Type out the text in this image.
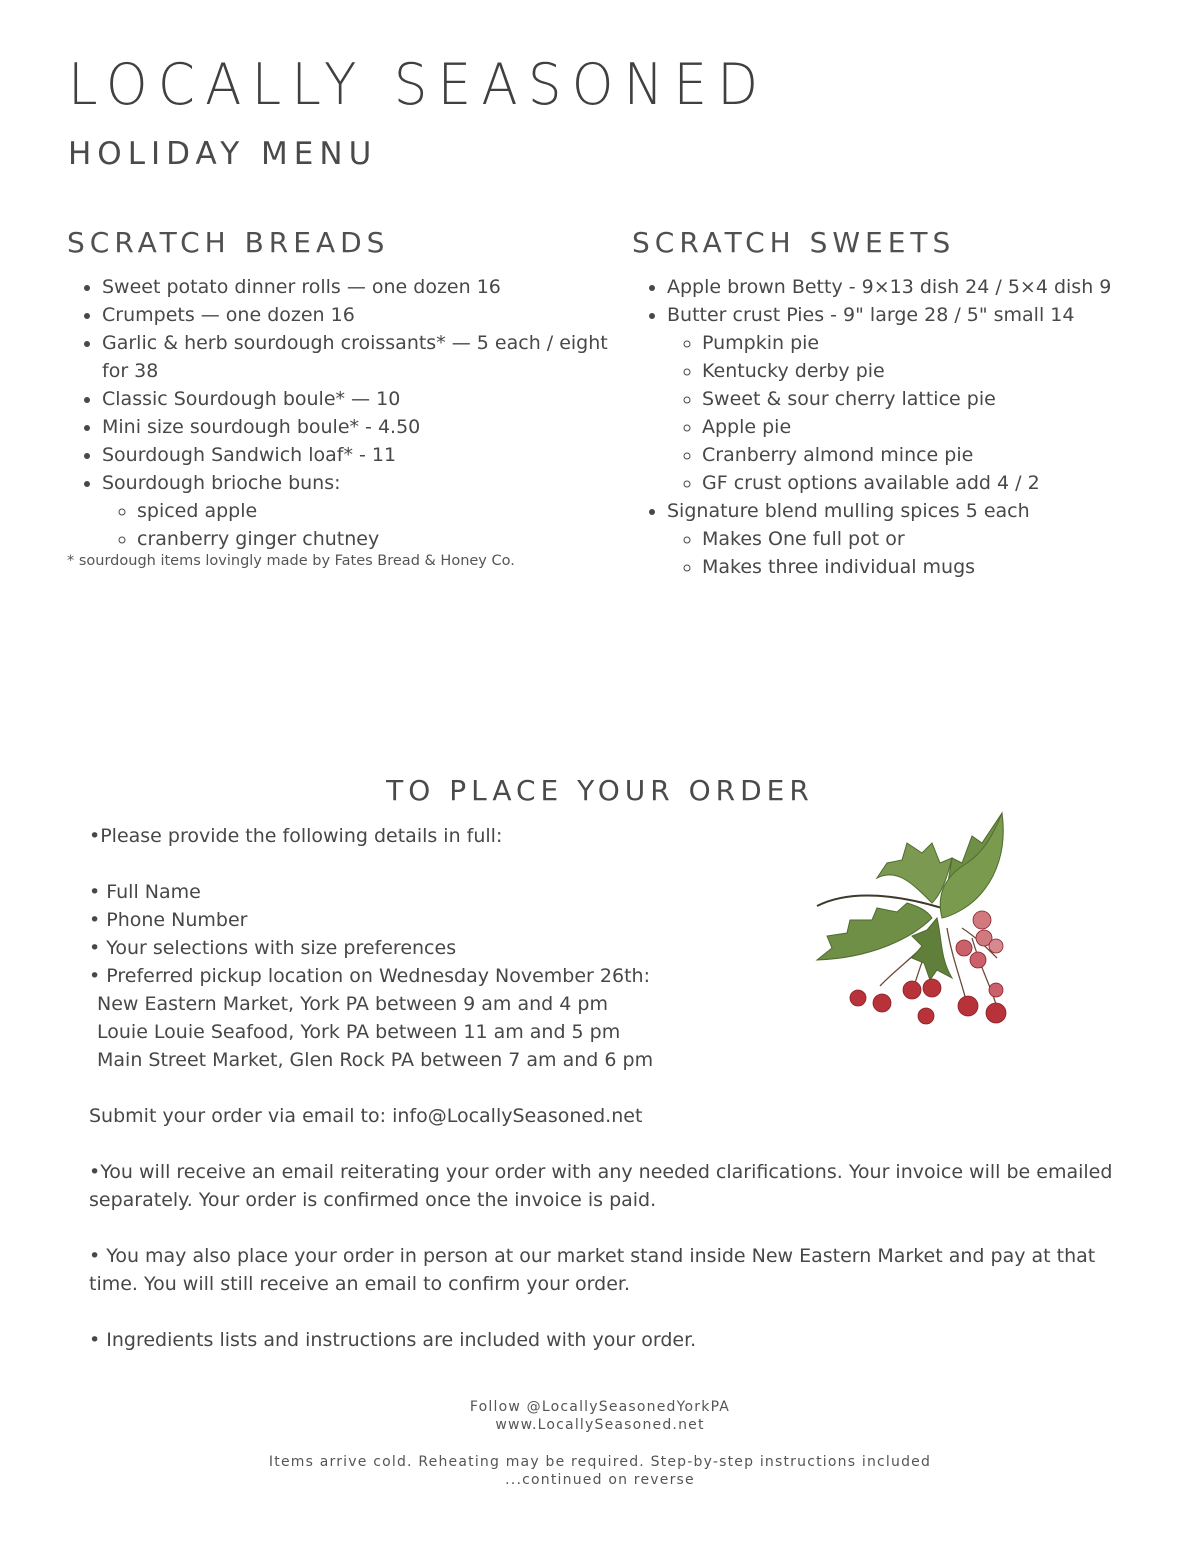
LOCALLY SEASONED
HOLIDAY MENU
SCRATCH BREADS
• Sweet potato dinner rolls — one dozen 16
• Crumpets — one dozen 16
• Garlic & herb sourdough croissants* — 5 each / eight for 38
• Classic Sourdough boule* — 10
• Mini size sourdough boule* - 4.50
• Sourdough Sandwich loaf* - 11
• Sourdough brioche buns:
◦ spiced apple
◦ cranberry ginger chutney
* sourdough items lovingly made by Fates Bread & Honey Co.
SCRATCH SWEETS
• Apple brown Betty - 9×13 dish 24 / 5×4 dish 9
• Butter crust Pies - 9" large 28 / 5" small 14
◦ Pumpkin pie
◦ Kentucky derby pie
◦ Sweet & sour cherry lattice pie
◦ Apple pie
◦ Cranberry almond mince pie
◦ GF crust options available add 4 / 2
• Signature blend mulling spices 5 each
◦ Makes One full pot or
◦ Makes three individual mugs
TO PLACE YOUR ORDER

•Please provide the following details in full:

• Full Name

• Phone Number

• Your selections with size preferences

• Preferred pickup location on Wednesday November 26th:

New Eastern Market, York PA between 9 am and 4 pm

Louie Louie Seafood, York PA between 11 am and 5 pm

Main Street Market, Glen Rock PA between 7 am and 6 pm

Submit your order via email to: info@LocallySeasoned.net

•You will receive an email reiterating your order with any needed clarifications. Your invoice will be emailed separately. Your order is confirmed once the invoice is paid.

• You may also place your order in person at our market stand inside New Eastern Market and pay at that time. You will still receive an email to confirm your order.

• Ingredients lists and instructions are included with your order.

Follow @LocallySeasonedYorkPA
www.LocallySeasoned.net
Items arrive cold. Reheating may be required. Step-by-step instructions included
...continued on reverse
